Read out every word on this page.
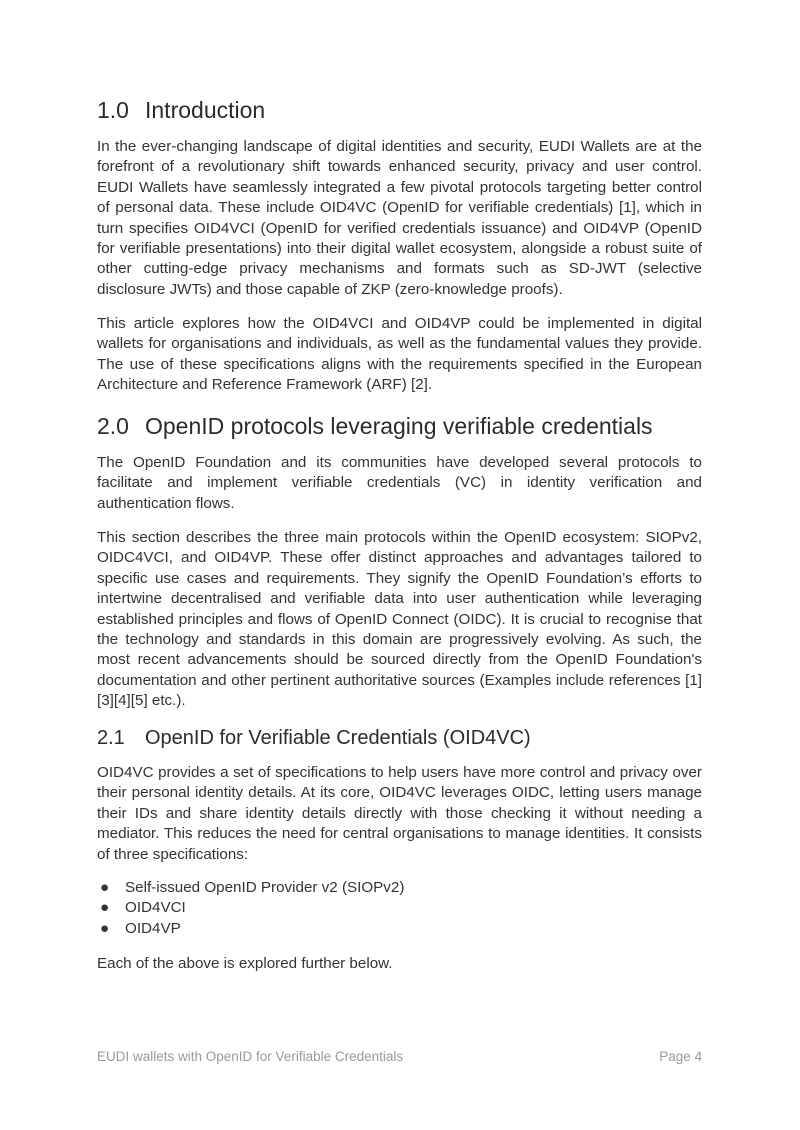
1.0 Introduction

In the ever-changing landscape of digital identities and security, EUDI Wallets are at the forefront of a revolutionary shift towards enhanced security, privacy and user control. EUDI Wallets have seamlessly integrated a few pivotal protocols targeting better control of personal data. These include OID4VC (OpenID for verifiable credentials) [1], which in turn specifies OID4VCI (OpenID for verified credentials issuance) and OID4VP (OpenID for verifiable presentations) into their digital wallet ecosystem, alongside a robust suite of other cutting-edge privacy mechanisms and formats such as SD-JWT (selective disclosure JWTs) and those capable of ZKP (zero-knowledge proofs).

This article explores how the OID4VCI and OID4VP could be implemented in digital wallets for organisations and individuals, as well as the fundamental values they provide. The use of these specifications aligns with the requirements specified in the European Architecture and Reference Framework (ARF) [2].

2.0 OpenID protocols leveraging verifiable credentials

The OpenID Foundation and its communities have developed several protocols to facilitate and implement verifiable credentials (VC) in identity verification and authentication flows.

This section describes the three main protocols within the OpenID ecosystem: SIOPv2, OIDC4VCI, and OID4VP. These offer distinct approaches and advantages tailored to specific use cases and requirements. They signify the OpenID Foundation’s efforts to intertwine decentralised and verifiable data into user authentication while leveraging established principles and flows of OpenID Connect (OIDC). It is crucial to recognise that the technology and standards in this domain are progressively evolving. As such, the most recent advancements should be sourced directly from the OpenID Foundation's documentation and other pertinent authoritative sources (Examples include references [1][3][4][5] etc.).

2.1	OpenID for Verifiable Credentials (OID4VC)

OID4VC provides a set of specifications to help users have more control and privacy over their personal identity details. At its core, OID4VC leverages OIDC, letting users manage their IDs and share identity details directly with those checking it without needing a mediator. This reduces the need for central organisations to manage identities. It consists of three specifications:

●	Self-issued OpenID Provider v2 (SIOPv2)
●	OID4VCI
●	OID4VP

Each of the above is explored further below.

EUDI wallets with OpenID for Verifiable Credentials	Page 4
